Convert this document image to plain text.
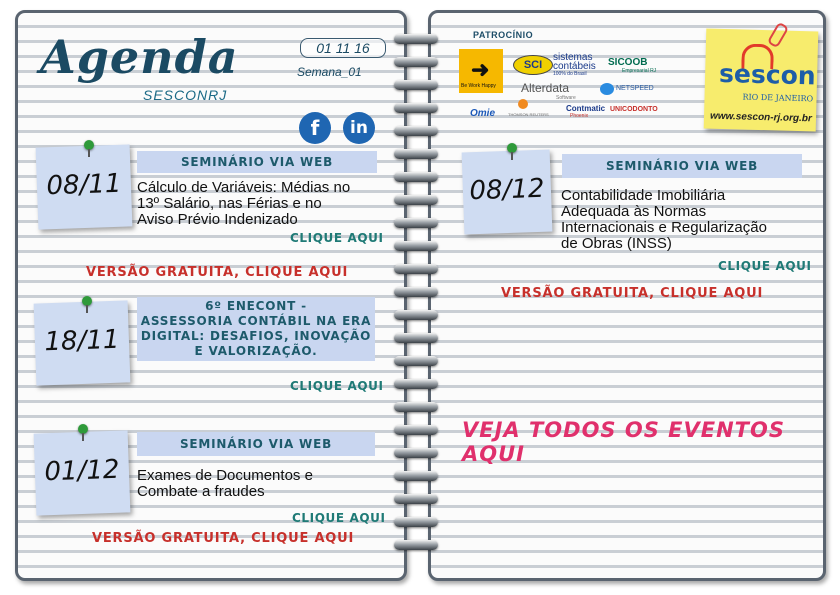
Agenda
SESCONRJ
01 11 16
Semana_01
f	in
08/11
SEMINÁRIO VIA WEB
Cálculo de Variáveis: Médias no
13º Salário, nas Férias e no
Aviso Prévio Indenizado
CLIQUE AQUI
VERSÃO GRATUITA, CLIQUE AQUI
18/11
6º ENECONT -
ASSESSORIA CONTÁBIL NA ERA
DIGITAL: DESAFIOS, INOVAÇÃO
E VALORIZAÇÃO.
CLIQUE AQUI
01/12
SEMINÁRIO VIA WEB
Exames de Documentos e
Combate a fraudes
CLIQUE AQUI
VERSÃO GRATUITA, CLIQUE AQUI
PATROCÍNIO
➜
Be Work Happy
SCI
sistemas
contábeis
100% do Brasil
SICOOB
Empresarial RJ
Alterdata
Software
NETSPEED
Omie	THOMSON REUTERS
Contmatic
Phoenix
UNICODONTO
sescon
RIO DE JANEIRO
www.sescon-rj.org.br
08/12
SEMINÁRIO VIA WEB
Contabilidade Imobiliária
Adequada às Normas
Internacionais e Regularização
de Obras (INSS)
CLIQUE AQUI
VERSÃO GRATUITA, CLIQUE AQUI
VEJA TODOS OS EVENTOS AQUI
